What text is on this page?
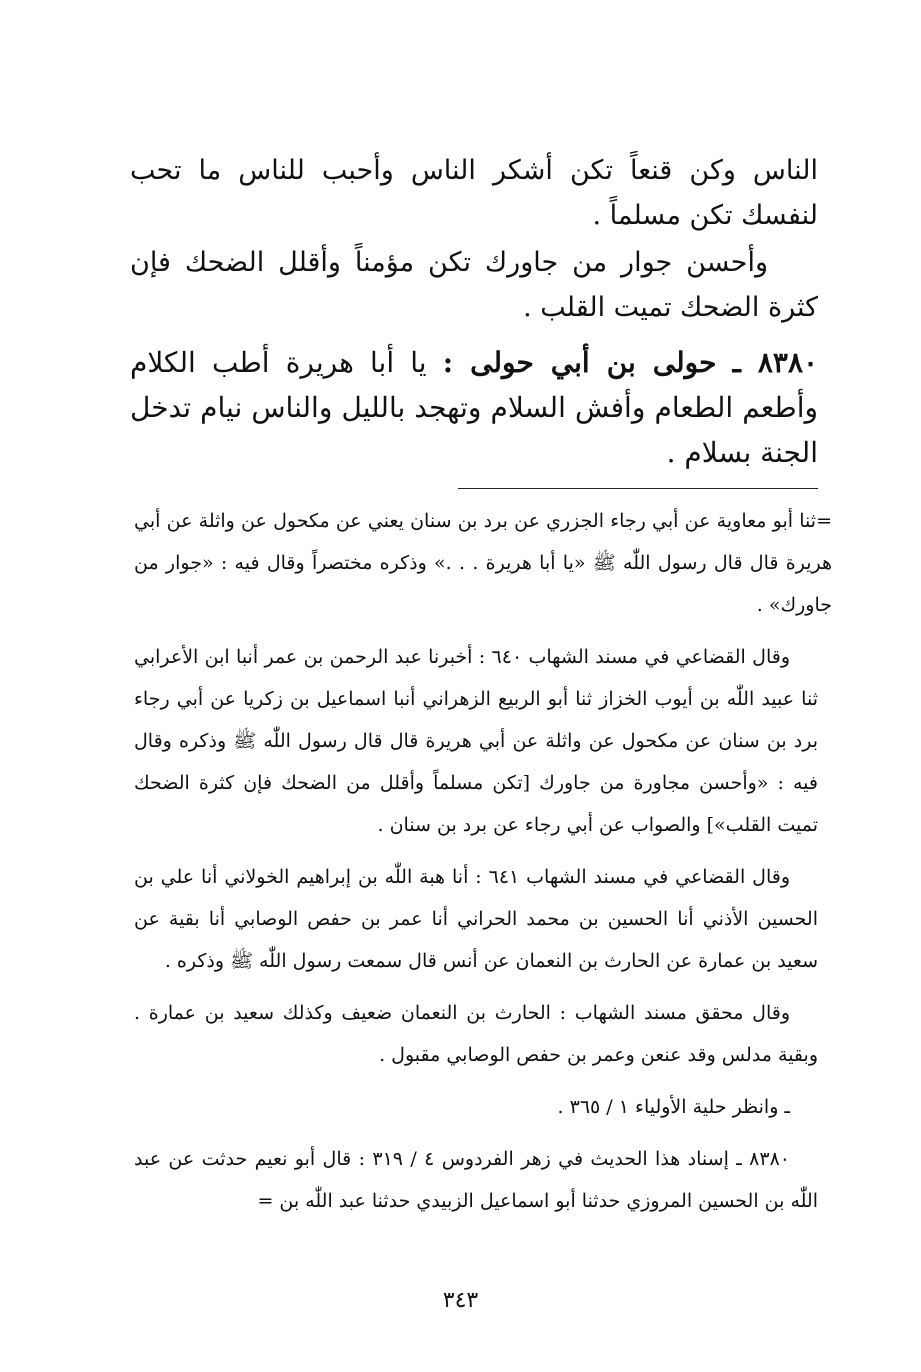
الناس وكن قنعاً تكن أشكر الناس وأحبب للناس ما تحب لنفسك تكن مسلماً .

وأحسن جوار من جاورك تكن مؤمناً وأقلل الضحك فإن كثرة الضحك تميت القلب .

٨٣٨٠ ـ حولى بن أبي حولى : يا أبا هريرة أطب الكلام وأطعم الطعام وأفش السلام وتهجد بالليل والناس نيام تدخل الجنة بسلام .

=ثنا أبو معاوية عن أبي رجاء الجزري عن برد بن سنان يعني عن مكحول عن واثلة عن أبي هريرة قال قال رسول اللّٰه ﷺ «يا أبا هريرة . . .» وذكره مختصراً وقال فيه : «جوار من جاورك» .

وقال القضاعي في مسند الشهاب ٦٤٠ : أخبرنا عبد الرحمن بن عمر أنبا ابن الأعرابي ثنا عبيد اللّٰه بن أيوب الخزاز ثنا أبو الربيع الزهراني أنبا اسماعيل بن زكريا عن أبي رجاء برد بن سنان عن مكحول عن واثلة عن أبي هريرة قال قال رسول اللّٰه ﷺ وذكره وقال فيه : «وأحسن مجاورة من جاورك [تكن مسلماً وأقلل من الضحك فإن كثرة الضحك تميت القلب»] والصواب عن أبي رجاء عن برد بن سنان .

وقال القضاعي في مسند الشهاب ٦٤١ : أنا هبة اللّٰه بن إبراهيم الخولاني أنا علي بن الحسين الأذني أنا الحسين بن محمد الحراني أنا عمر بن حفص الوصابي أنا بقية عن سعيد بن عمارة عن الحارث بن النعمان عن أنس قال سمعت رسول اللّٰه ﷺ وذكره .

وقال محقق مسند الشهاب : الحارث بن النعمان ضعيف وكذلك سعيد بن عمارة . وبقية مدلس وقد عنعن وعمر بن حفص الوصابي مقبول .

ـ وانظر حلية الأولياء ١ / ٣٦٥ .

٨٣٨٠ ـ إسناد هذا الحديث في زهر الفردوس ٤ / ٣١٩ : قال أبو نعيم حدثت عن عبد اللّٰه بن الحسين المروزي حدثنا أبو اسماعيل الزبيدي حدثنا عبد اللّٰه بن =

٣٤٣
